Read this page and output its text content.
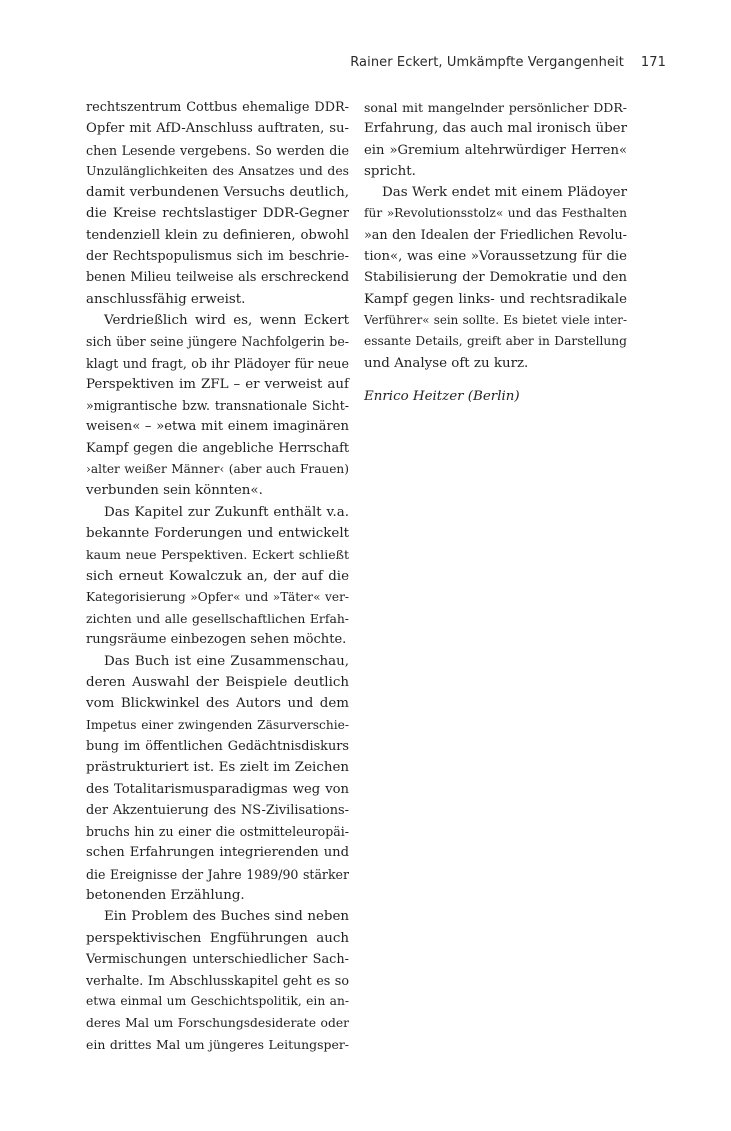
Rainer Eckert, Umkämpfte Vergangenheit 171
rechtszentrum Cottbus ehemalige DDR-
Opfer mit AfD-Anschluss auftraten, su-
chen Lesende vergebens. So werden die
Unzulänglichkeiten des Ansatzes und des
damit verbundenen Versuchs deutlich,
die Kreise rechtslastiger DDR-Gegner
tendenziell klein zu definieren, obwohl
der Rechtspopulismus sich im beschrie-
benen Milieu teilweise als erschreckend
anschlussfähig erweist.
Verdrießlich wird es, wenn Eckert
sich über seine jüngere Nachfolgerin be-
klagt und fragt, ob ihr Plädoyer für neue
Perspektiven im ZFL – er verweist auf
»migrantische bzw. transnationale Sicht-
weisen« – »etwa mit einem imaginären
Kampf gegen die angebliche Herrschaft
›alter weißer Männer‹ (aber auch Frauen)
verbunden sein könnten«.
Das Kapitel zur Zukunft enthält v.a.
bekannte Forderungen und entwickelt
kaum neue Perspektiven. Eckert schließt
sich erneut Kowalczuk an, der auf die
Kategorisierung »Opfer« und »Täter« ver-
zichten und alle gesellschaftlichen Erfah-
rungsräume einbezogen sehen möchte.
Das Buch ist eine Zusammenschau,
deren Auswahl der Beispiele deutlich
vom Blickwinkel des Autors und dem
Impetus einer zwingenden Zäsurverschie-
bung im öffentlichen Gedächtnisdiskurs
prästrukturiert ist. Es zielt im Zeichen
des Totalitarismusparadigmas weg von
der Akzentuierung des NS-Zivilisations-
bruchs hin zu einer die ostmitteleuropäi-
schen Erfahrungen integrierenden und
die Ereignisse der Jahre 1989/90 stärker
betonenden Erzählung.
Ein Problem des Buches sind neben
perspektivischen Engführungen auch
Vermischungen unterschiedlicher Sach-
verhalte. Im Abschlusskapitel geht es so
etwa einmal um Geschichtspolitik, ein an-
deres Mal um Forschungsdesiderate oder
ein drittes Mal um jüngeres Leitungsper-
sonal mit mangelnder persönlicher DDR-
Erfahrung, das auch mal ironisch über
ein »Gremium altehrwürdiger Herren«
spricht.
Das Werk endet mit einem Plädoyer
für »Revolutionsstolz« und das Festhalten
»an den Idealen der Friedlichen Revolu-
tion«, was eine »Voraussetzung für die
Stabilisierung der Demokratie und den
Kampf gegen links- und rechtsradikale
Verführer« sein sollte. Es bietet viele inter-
essante Details, greift aber in Darstellung
und Analyse oft zu kurz.
Enrico Heitzer (Berlin)
